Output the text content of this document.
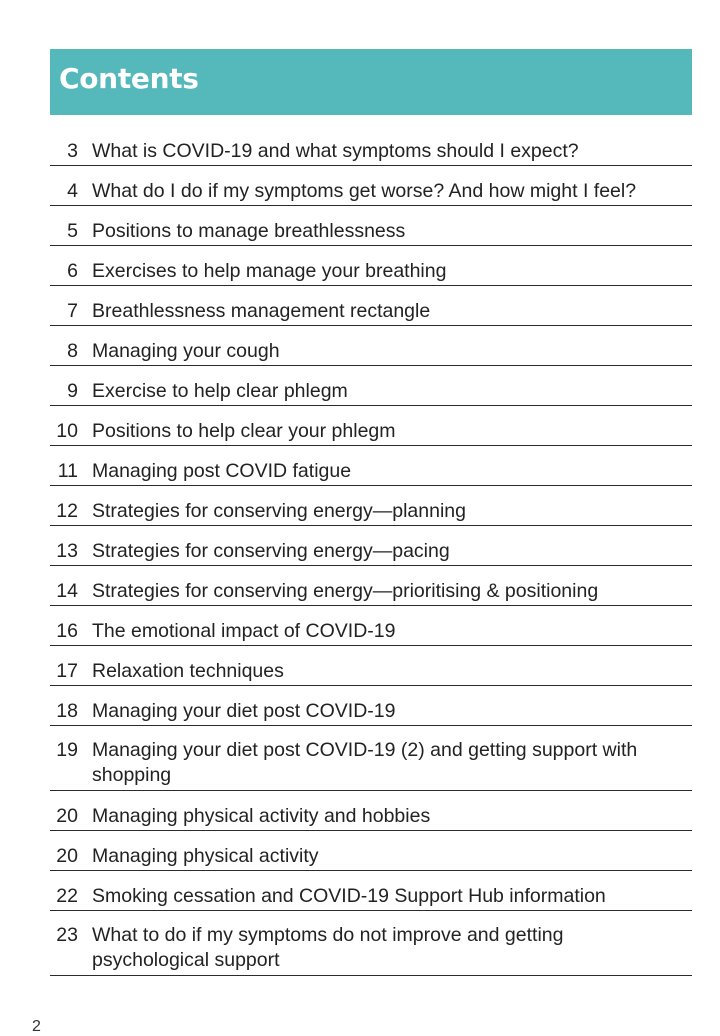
Contents
3 What is COVID-19 and what symptoms should I expect?
4 What do I do if my symptoms get worse? And how might I feel?
5 Positions to manage breathlessness
6 Exercises to help manage your breathing
7 Breathlessness management rectangle
8 Managing your cough
9 Exercise to help clear phlegm
10 Positions to help clear your phlegm
11 Managing post COVID fatigue
12 Strategies for conserving energy—planning
13 Strategies for conserving energy—pacing
14 Strategies for conserving energy—prioritising & positioning
16 The emotional impact of COVID-19
17 Relaxation techniques
18 Managing your diet post COVID-19
19 Managing your diet post COVID-19 (2) and getting support with shopping
20 Managing physical activity and hobbies
20 Managing physical activity
22 Smoking cessation and COVID-19 Support Hub information
23 What to do if my symptoms do not improve and getting psychological support
2
